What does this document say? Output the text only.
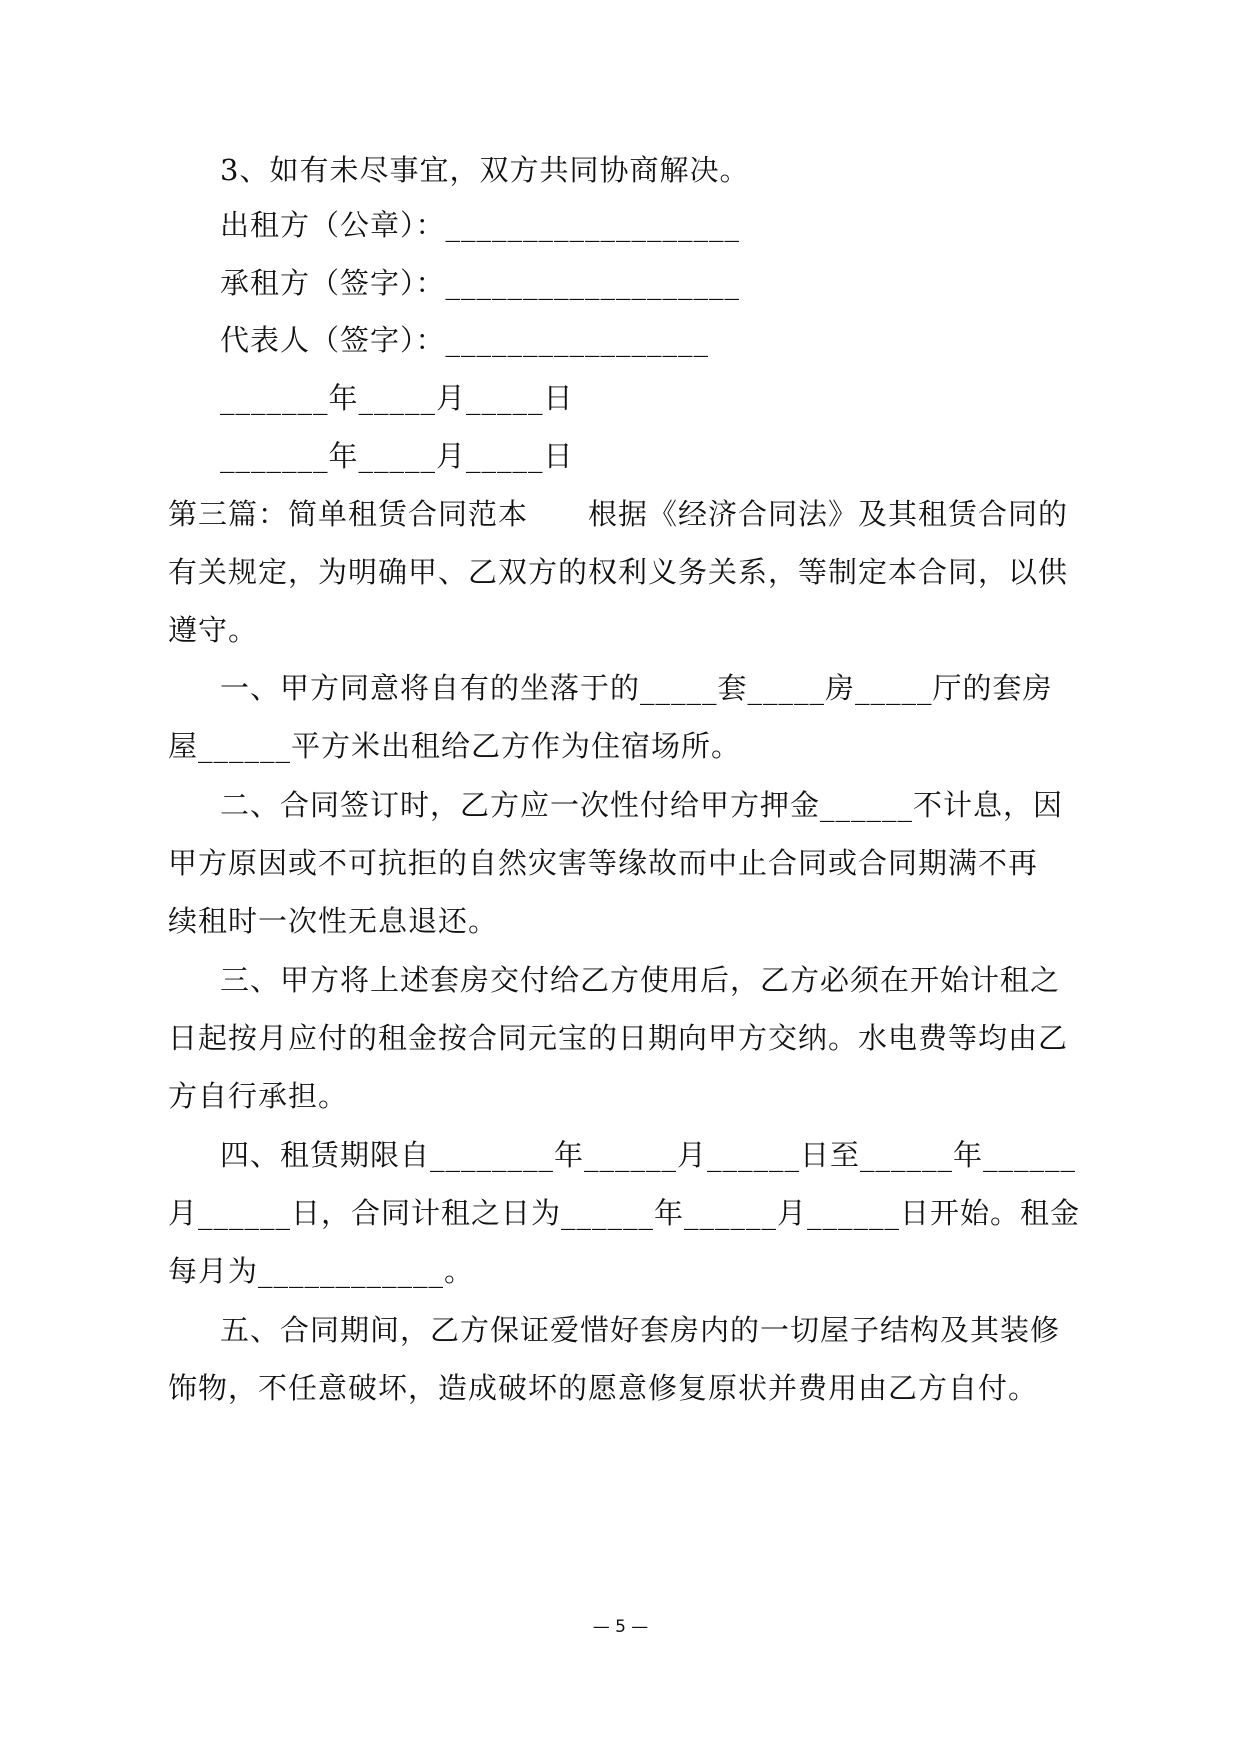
3、如有未尽事宜，双方共同协商解决。
出租方（公章）：___________________
承租方（签字）：___________________
代表人（签字）：_________________
_______年_____月_____日
_______年_____月_____日
第三篇：简单租赁合同范本　　根据《经济合同法》及其租赁合同的
有关规定，为明确甲、乙双方的权利义务关系，等制定本合同，以供
遵守。
一、甲方同意将自有的坐落于的_____套_____房_____厅的套房
屋______平方米出租给乙方作为住宿场所。
二、合同签订时，乙方应一次性付给甲方押金______不计息，因
甲方原因或不可抗拒的自然灾害等缘故而中止合同或合同期满不再
续租时一次性无息退还。
三、甲方将上述套房交付给乙方使用后，乙方必须在开始计租之
日起按月应付的租金按合同元宝的日期向甲方交纳。水电费等均由乙
方自行承担。
四、租赁期限自________年______月______日至______年______
月______日，合同计租之日为______年______月______日开始。租金
每月为____________。
五、合同期间，乙方保证爱惜好套房内的一切屋子结构及其装修
饰物，不任意破坏，造成破坏的愿意修复原状并费用由乙方自付。
— 5 —
